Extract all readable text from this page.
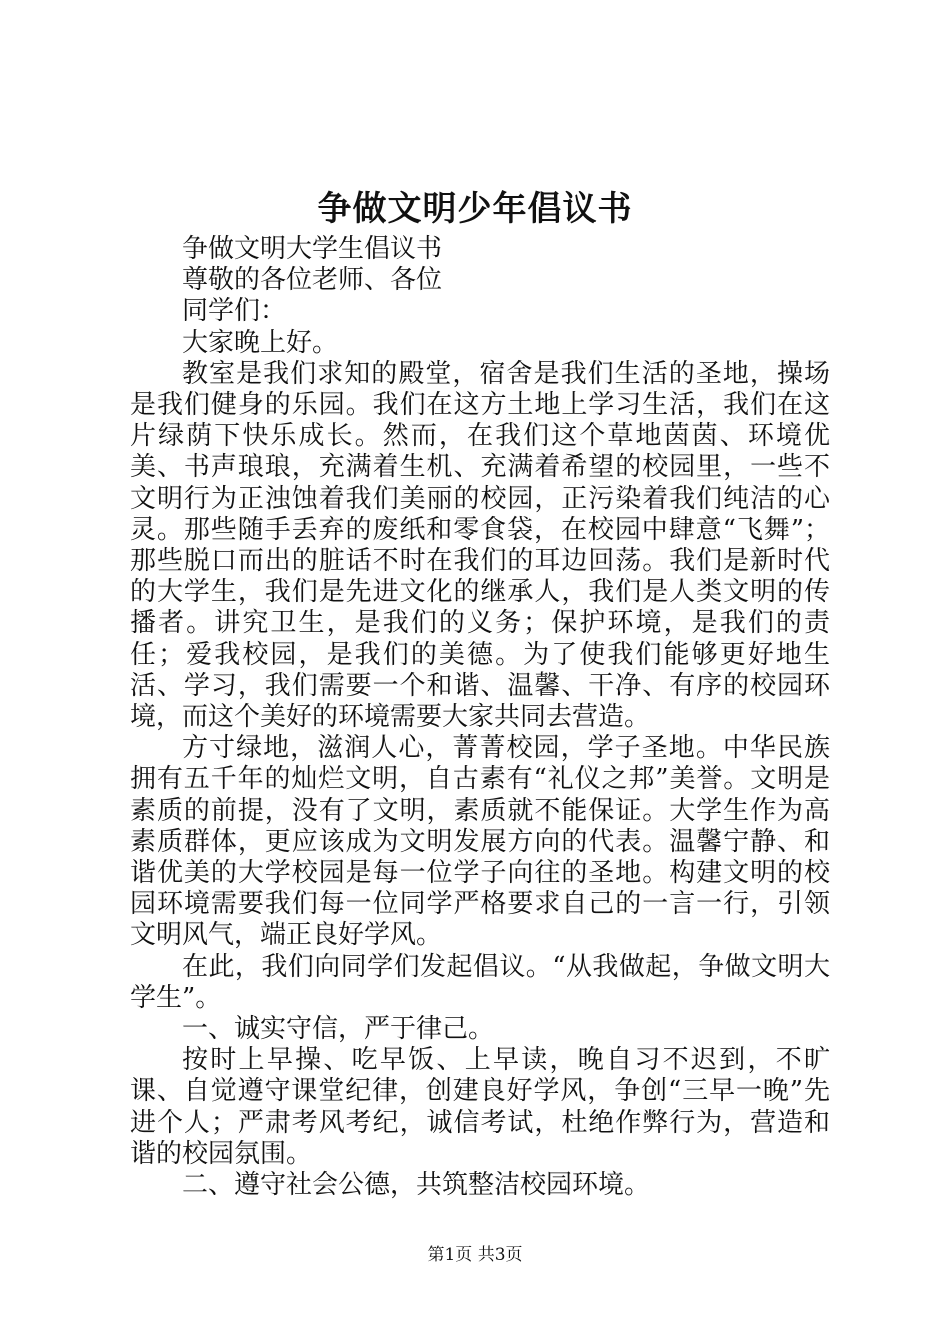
争做文明少年倡议书

争做文明大学生倡议书

尊敬的各位老师、各位

同学们：

大家晚上好。

教室是我们求知的殿堂，宿舍是我们生活的圣地，操场是我们健身的乐园。我们在这方土地上学习生活，我们在这片绿荫下快乐成长。然而，在我们这个草地茵茵、环境优美、书声琅琅，充满着生机、充满着希望的校园里，一些不文明行为正浊蚀着我们美丽的校园，正污染着我们纯洁的心灵。那些随手丢弃的废纸和零食袋，在校园中肆意“飞舞”；那些脱口而出的脏话不时在我们的耳边回荡。我们是新时代的大学生，我们是先进文化的继承人，我们是人类文明的传播者。讲究卫生，是我们的义务；保护环境，是我们的责任；爱我校园，是我们的美德。为了使我们能够更好地生活、学习，我们需要一个和谐、温馨、干净、有序的校园环境，而这个美好的环境需要大家共同去营造。

方寸绿地，滋润人心，菁菁校园，学子圣地。中华民族拥有五千年的灿烂文明，自古素有“礼仪之邦”美誉。文明是素质的前提，没有了文明，素质就不能保证。大学生作为高素质群体，更应该成为文明发展方向的代表。温馨宁静、和谐优美的大学校园是每一位学子向往的圣地。构建文明的校园环境需要我们每一位同学严格要求自己的一言一行，引领文明风气，端正良好学风。

在此，我们向同学们发起倡议。“从我做起，争做文明大学生”。

一、诚实守信，严于律己。

按时上早操、吃早饭、上早读，晚自习不迟到，不旷课、自觉遵守课堂纪律，创建良好学风，争创“三早一晚”先进个人；严肃考风考纪，诚信考试，杜绝作弊行为，营造和谐的校园氛围。

二、遵守社会公德，共筑整洁校园环境。

第1页 共3页
